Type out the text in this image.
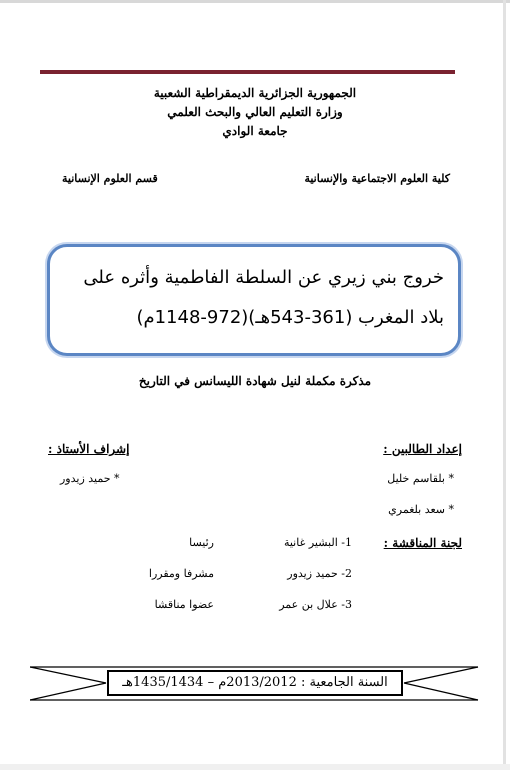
الجمهورية الجزائرية الديمقراطية الشعبية
وزارة التعليم العالي والبحث العلمي
جامعة الوادي
كلية العلوم الاجتماعية والإنسانية
قسم العلوم الإنسانية
خروج بني زيري عن السلطة الفاطمية وأثره على
بلاد المغرب (361-543هـ)(972-1148م)
مذكرة مكملة لنيل شهادة الليسانس في التاريخ
إعداد الطالبين :
* بلقاسم خليل
* سعد بلغمري
إشراف الأستاذ :
* حميد زيدور
لجنة المناقشة :
1- البشير غانية
رئيسا
2- حميد زيدور
مشرفا ومقررا
3- علال بن عمر
عضوا مناقشا
السنة الجامعية : 2013/2012م – 1435/1434هـ
